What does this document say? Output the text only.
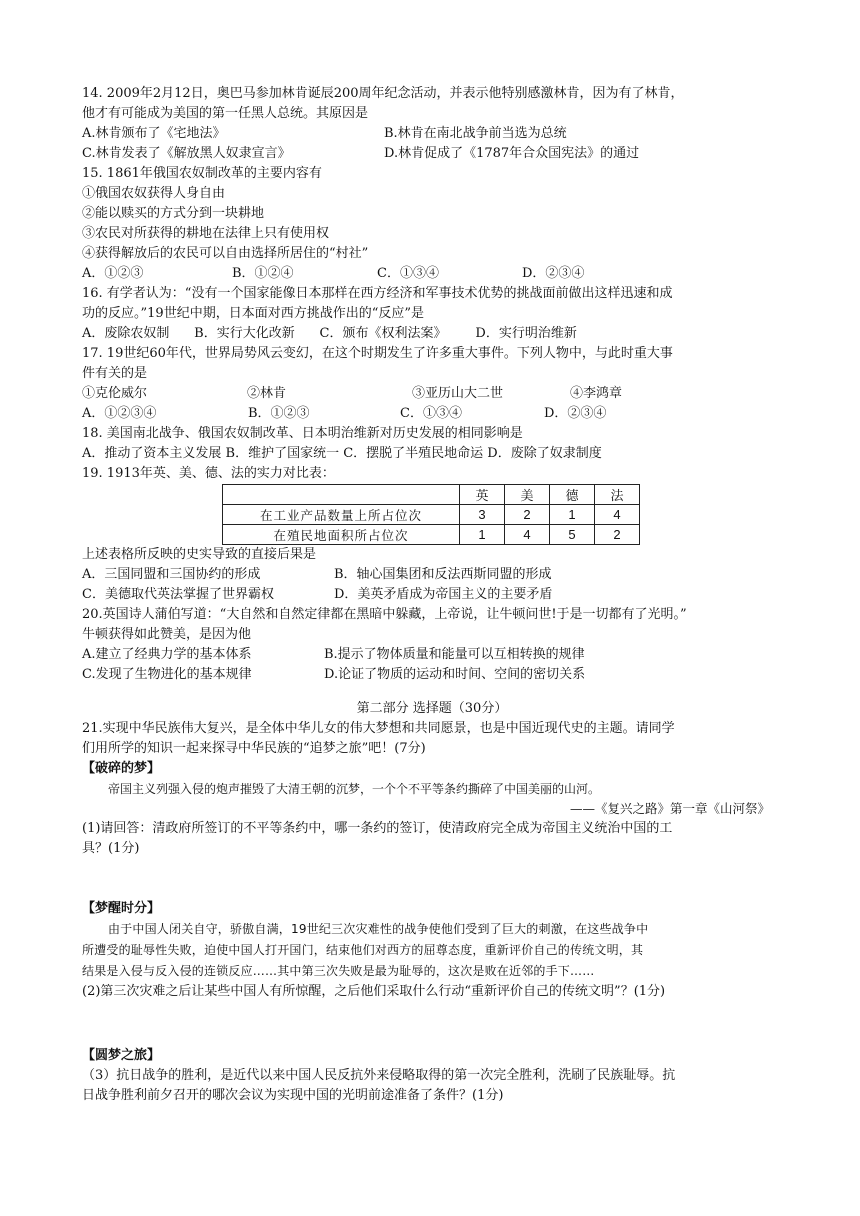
14. 2009年2月12日，奥巴马参加林肯诞辰200周年纪念活动，并表示他特别感激林肯，因为有了林肯，
他才有可能成为美国的第一任黑人总统。其原因是
A.林肯颁布了《宅地法》	B.林肯在南北战争前当选为总统
C.林肯发表了《解放黑人奴隶宣言》	D.林肯促成了《1787年合众国宪法》的通过
15. 1861年俄国农奴制改革的主要内容有
①俄国农奴获得人身自由
②能以赎买的方式分到一块耕地
③农民对所获得的耕地在法律上只有使用权
④获得解放后的农民可以自由选择所居住的“村社”
A．①②③	B．①②④	C．①③④	D．②③④
16. 有学者认为：“没有一个国家能像日本那样在西方经济和军事技术优势的挑战面前做出这样迅速和成
功的反应。”19世纪中期，日本面对西方挑战作出的“反应”是
A．废除农奴制      B．实行大化改新      C．颁布《权利法案》       D．实行明治维新
17. 19世纪60年代，世界局势风云变幻，在这个时期发生了许多重大事件。下列人物中，与此时重大事
件有关的是
①克伦威尔	②林肯	③亚历山大二世	④李鸿章
A．①②③④	B．①②③	C．①③④	D．②③④
18. 美国南北战争、俄国农奴制改革、日本明治维新对历史发展的相同影响是
A．推动了资本主义发展 B．维护了国家统一 C．摆脱了半殖民地命运 D．废除了奴隶制度
19. 1913年英、美、德、法的实力对比表：
	英	美	德	法
在工业产品数量上所占位次	3	2	1	4
在殖民地面积所占位次	1	4	5	2
上述表格所反映的史实导致的直接后果是
A．三国同盟和三国协约的形成	B．轴心国集团和反法西斯同盟的形成
C．美德取代英法掌握了世界霸权	D．美英矛盾成为帝国主义的主要矛盾
20.英国诗人蒲伯写道：“大自然和自然定律都在黑暗中躲藏，上帝说，让牛顿问世!于是一切都有了光明。”
牛顿获得如此赞美，是因为他
A.建立了经典力学的基本体系	B.提示了物体质量和能量可以互相转换的规律
C.发现了生物进化的基本规律	D.论证了物质的运动和时间、空间的密切关系
第二部分 选择题（30分）
21.实现中华民族伟大复兴，是全体中华儿女的伟大梦想和共同愿景，也是中国近现代史的主题。请同学
们用所学的知识一起来探寻中华民族的“追梦之旅”吧！(7分)
【破碎的梦】
帝国主义列强入侵的炮声摧毁了大清王朝的沉梦，一个个不平等条约撕碎了中国美丽的山河。
——《复兴之路》第一章《山河祭》
(1)请回答：清政府所签订的不平等条约中，哪一条约的签订，使清政府完全成为帝国主义统治中国的工
具？(1分)
【梦醒时分】
由于中国人闭关自守，骄傲自满，19世纪三次灾难性的战争使他们受到了巨大的刺激，在这些战争中
所遭受的耻辱性失败，迫使中国人打开国门，结束他们对西方的屈尊态度，重新评价自己的传统文明，其
结果是入侵与反入侵的连锁反应……其中第三次失败是最为耻辱的，这次是败在近邻的手下……
(2)第三次灾难之后让某些中国人有所惊醒，之后他们采取什么行动“重新评价自己的传统文明”？(1分)
【圆梦之旅】
（3）抗日战争的胜利，是近代以来中国人民反抗外来侵略取得的第一次完全胜利，洗刷了民族耻辱。抗
日战争胜利前夕召开的哪次会议为实现中国的光明前途准备了条件？(1分)
